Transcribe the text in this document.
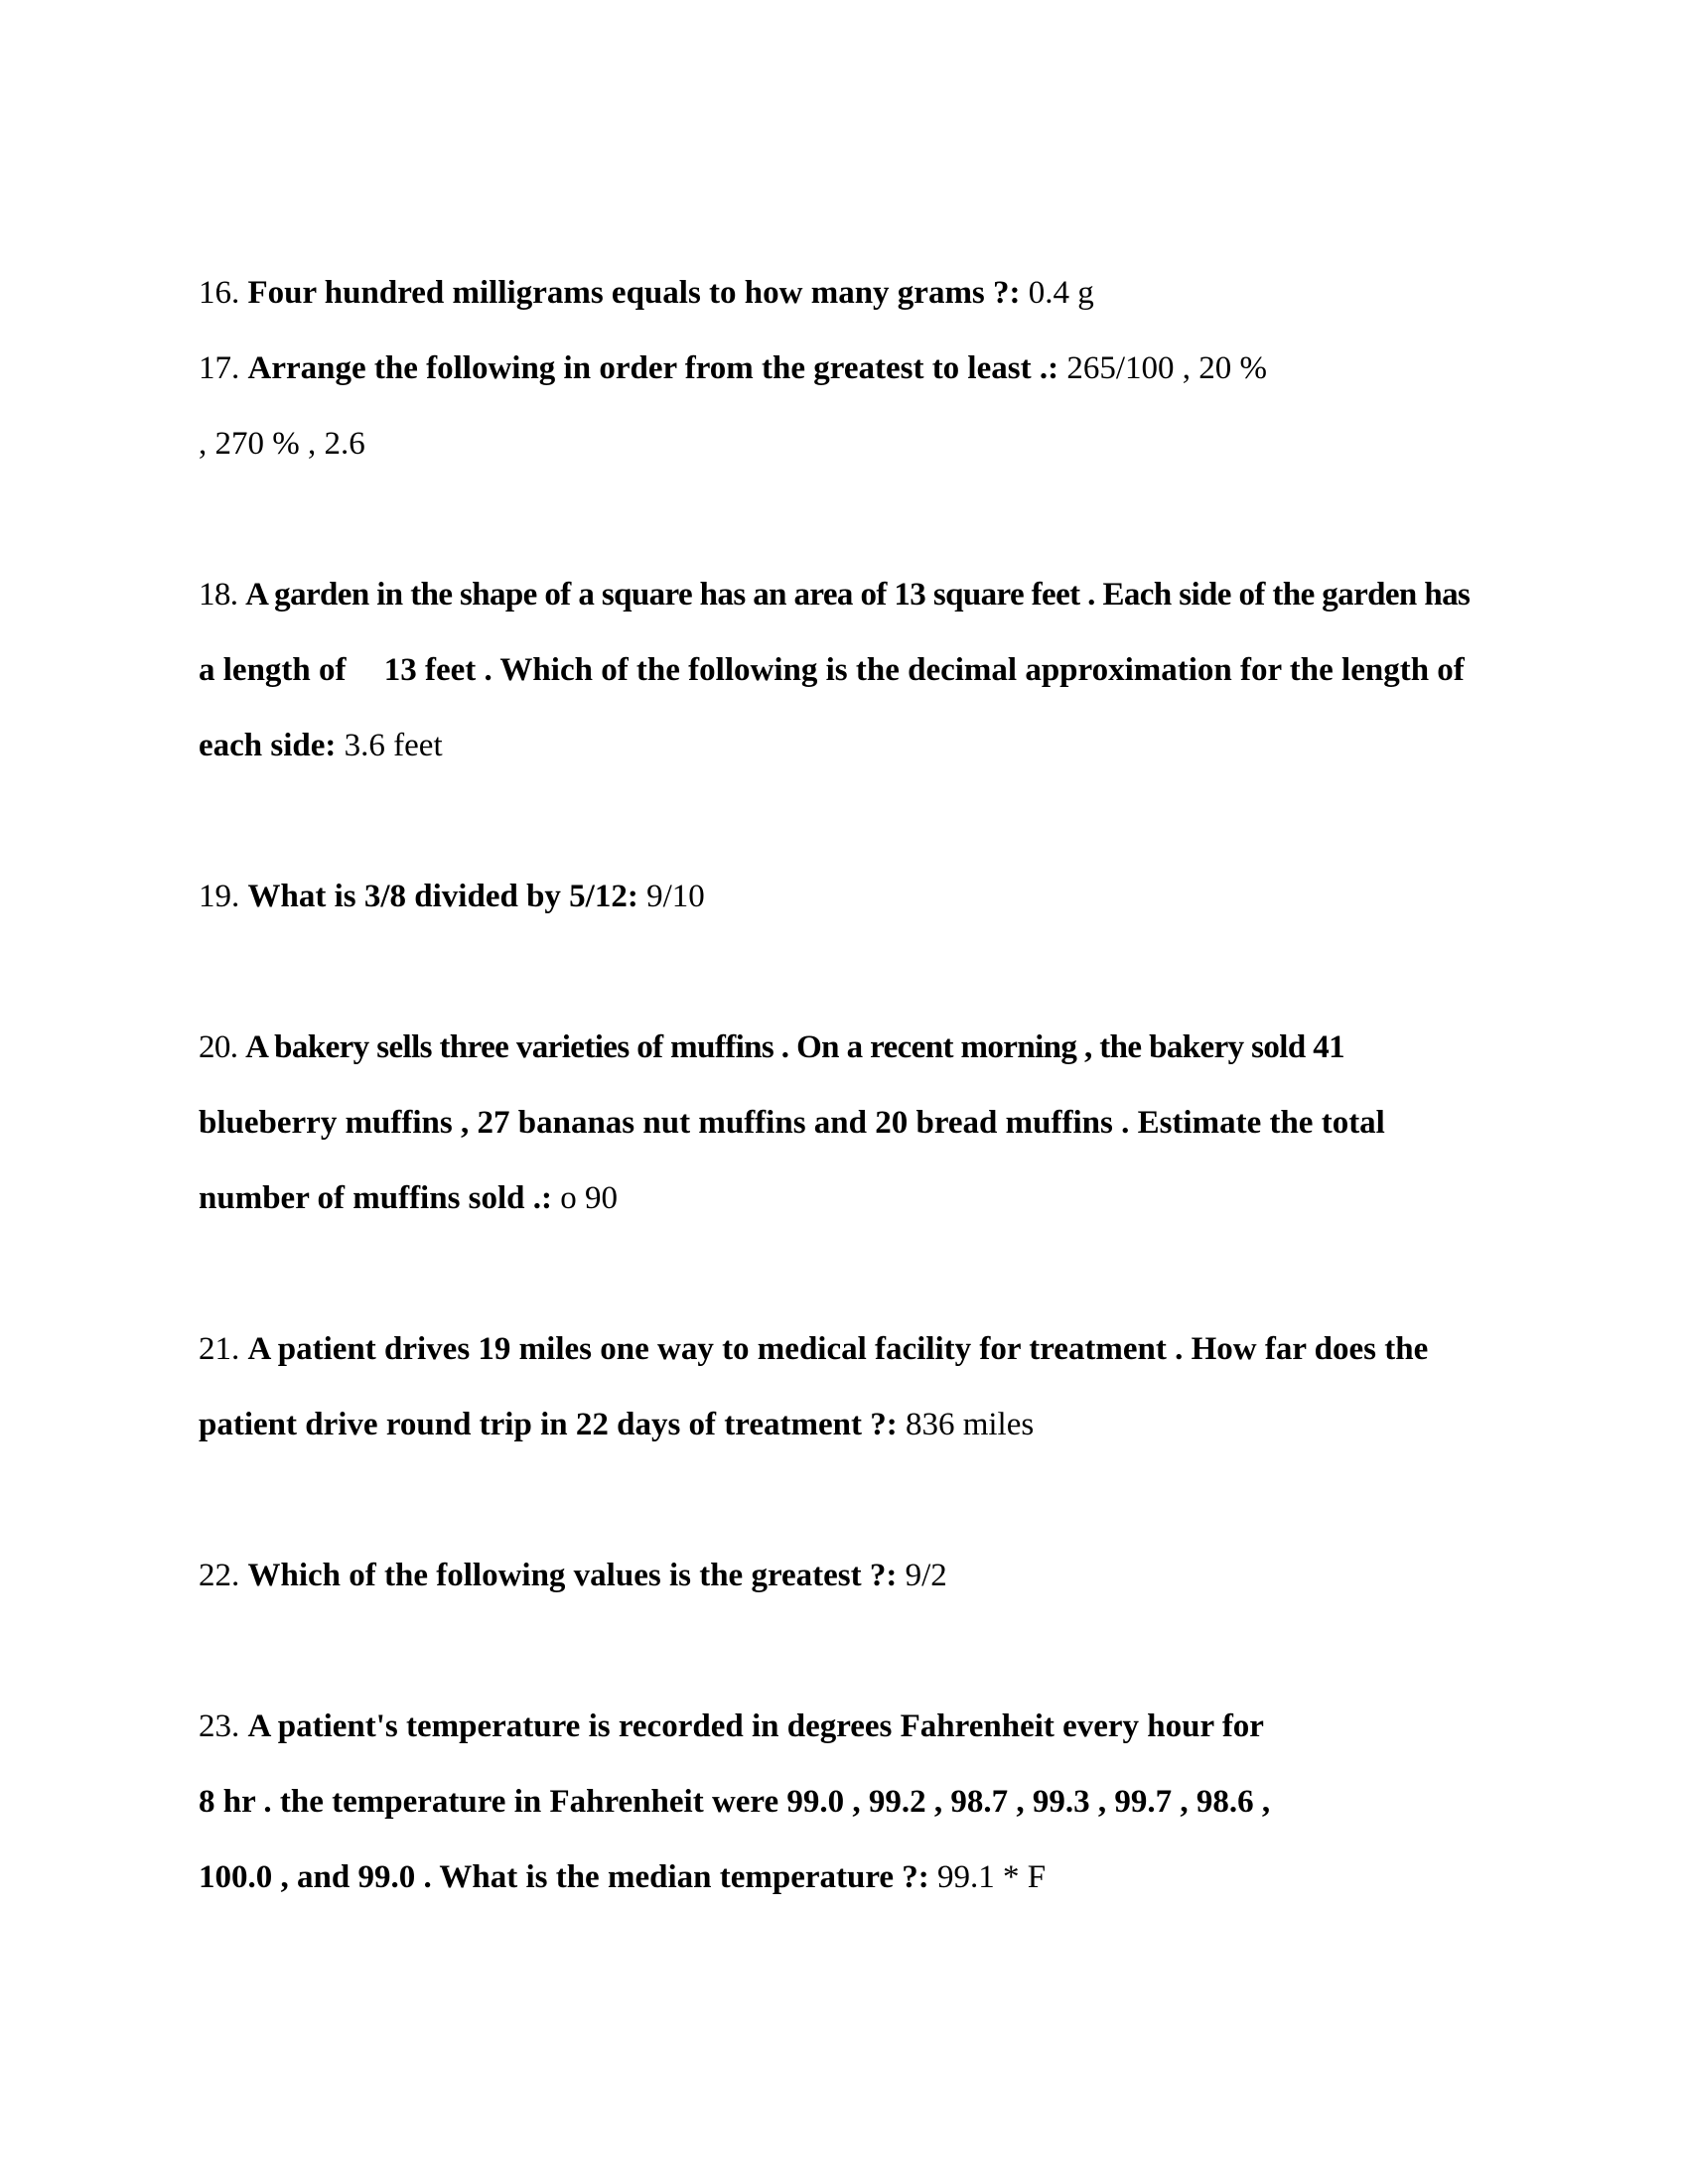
16. Four hundred milligrams equals to how many grams ?: 0.4 g
17. Arrange the following in order from the greatest to least .: 265/100 , 20 %
, 270 % , 2.6
18. A garden in the shape of a square has an area of 13 square feet . Each side of the garden has
a length of 13 feet . Which of the following is the decimal approximation for the length of
each side: 3.6 feet
19. What is 3/8 divided by 5/12: 9/10
20. A bakery sells three varieties of muffins . On a recent morning , the bakery sold 41
blueberry muffins , 27 bananas nut muffins and 20 bread muffins . Estimate the total
number of muffins sold .: o 90
21. A patient drives 19 miles one way to medical facility for treatment . How far does the
patient drive round trip in 22 days of treatment ?: 836 miles
22. Which of the following values is the greatest ?: 9/2
23. A patient's temperature is recorded in degrees Fahrenheit every hour for
8 hr . the temperature in Fahrenheit were 99.0 , 99.2 , 98.7 , 99.3 , 99.7 , 98.6 ,
100.0 , and 99.0 . What is the median temperature ?: 99.1 * F
